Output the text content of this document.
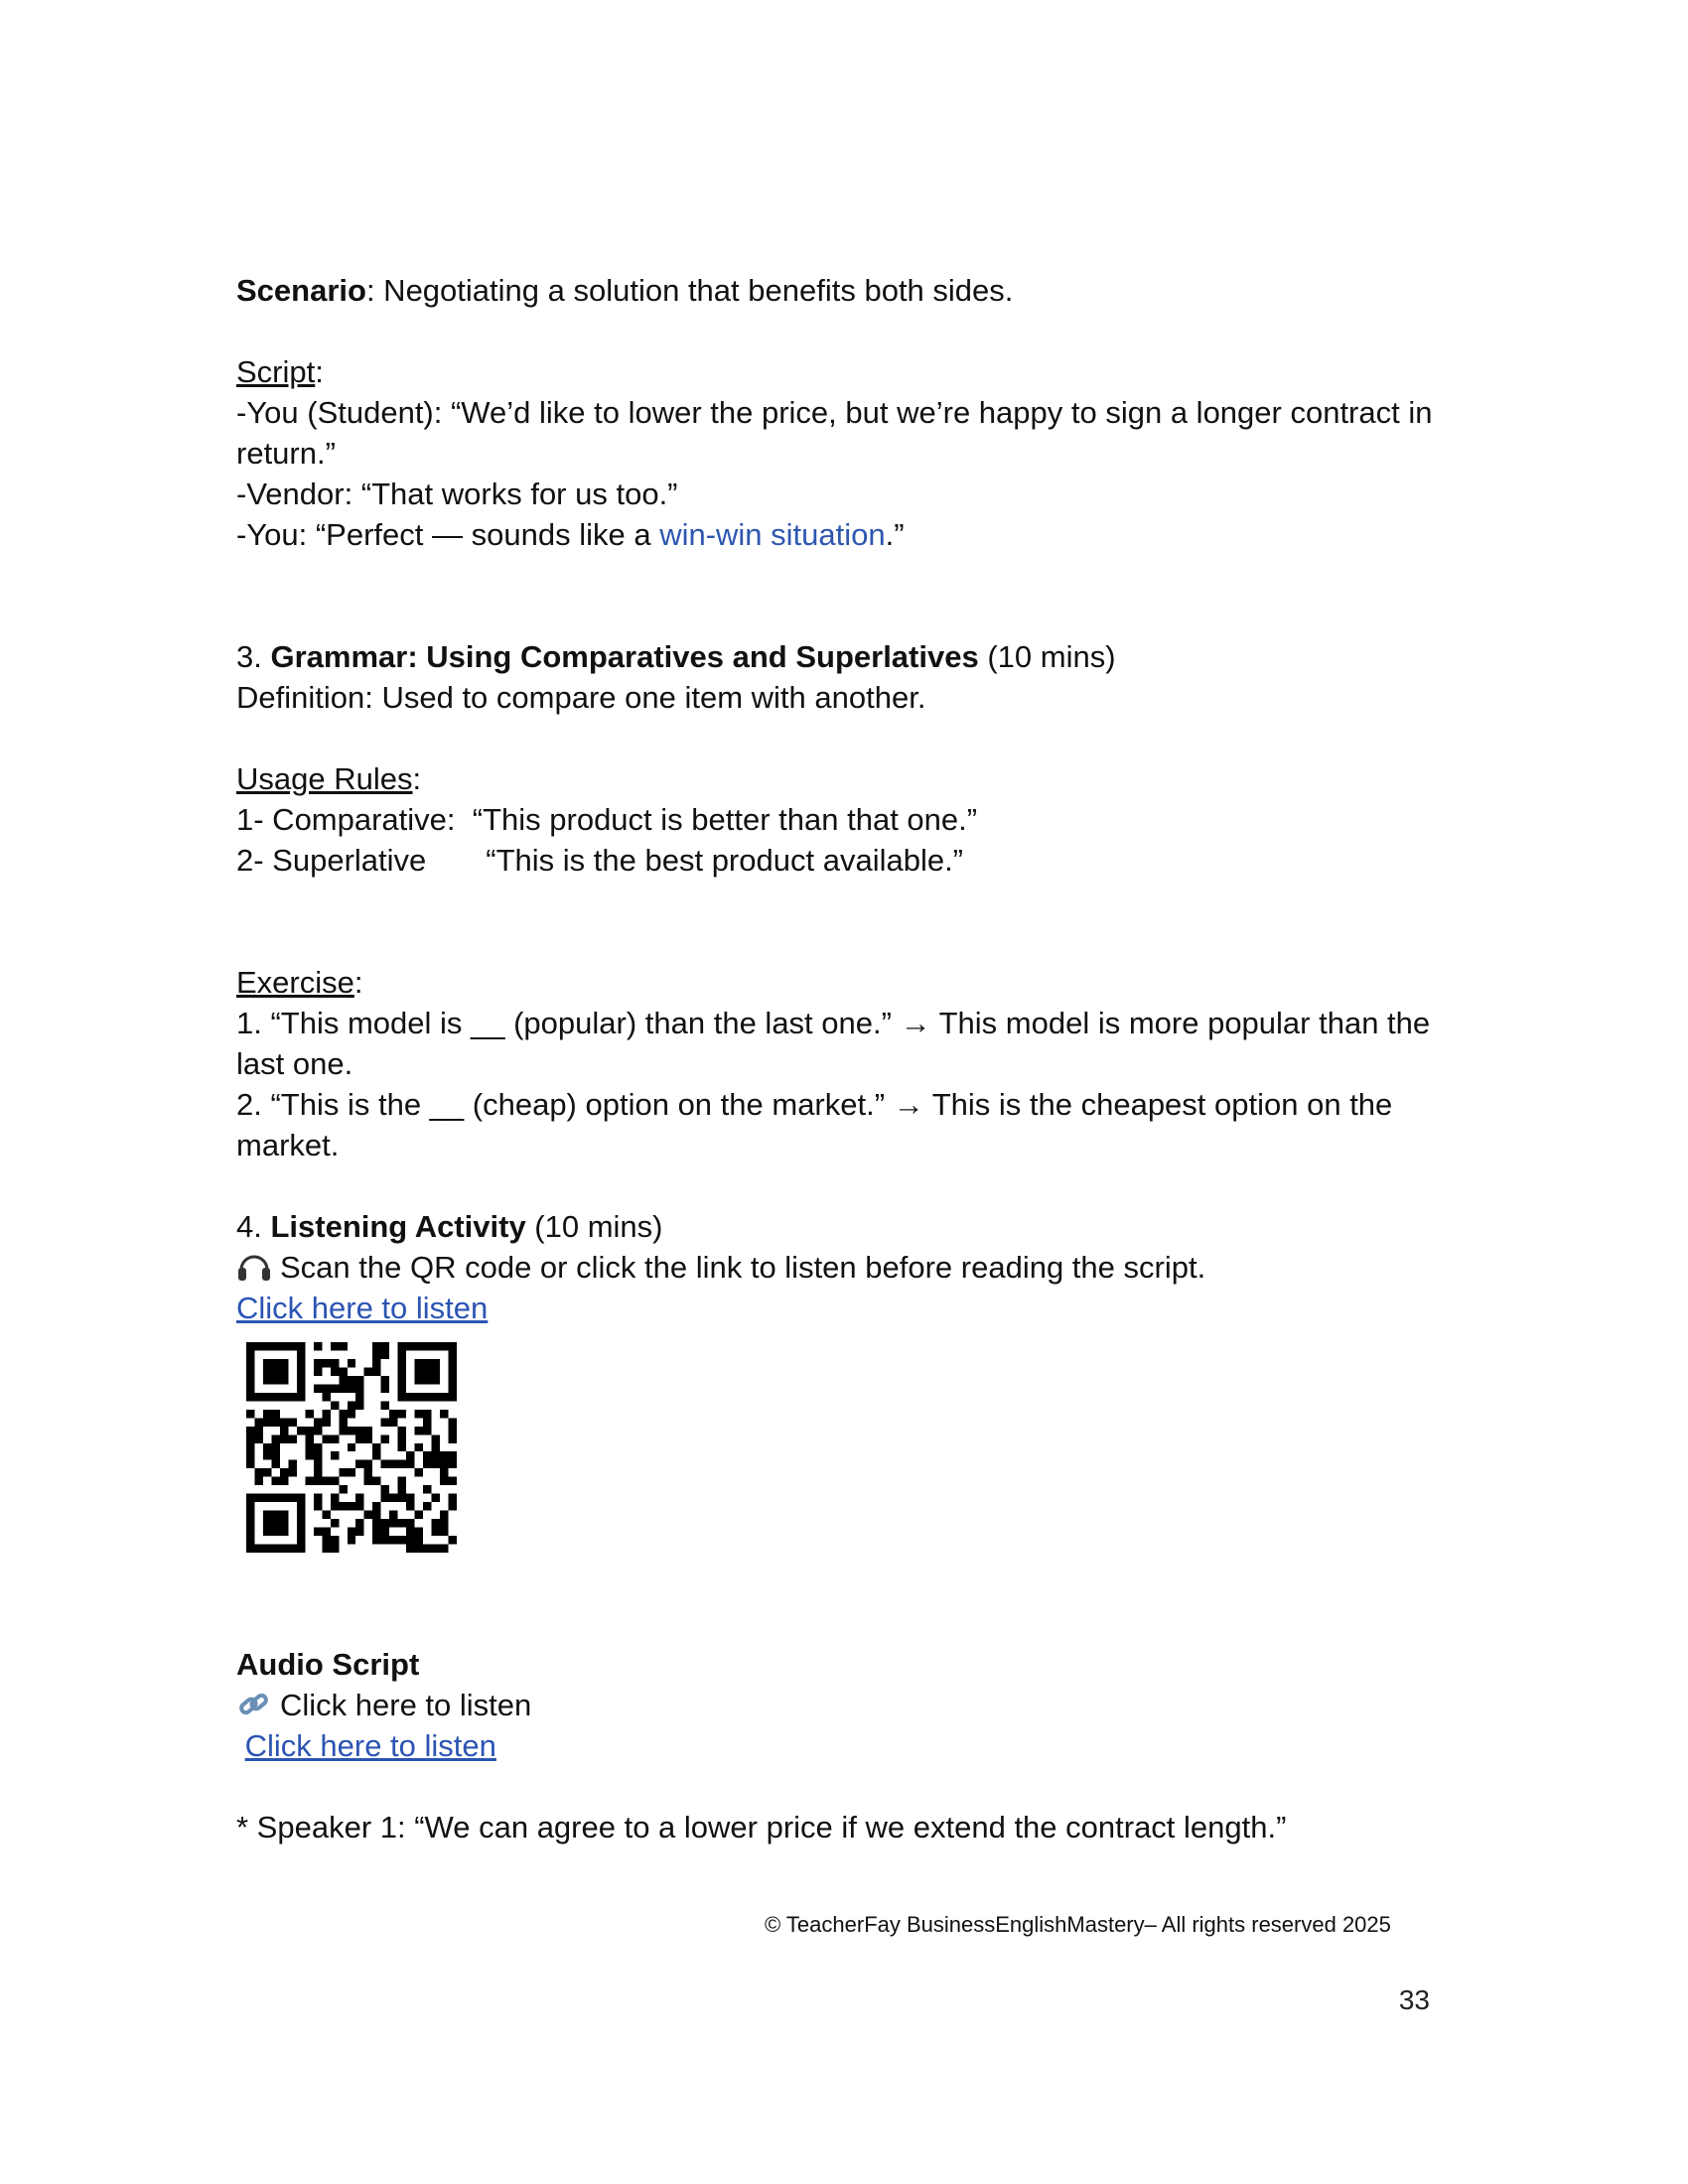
Scenario: Negotiating a solution that benefits both sides.
Script:
-You (Student): “We’d like to lower the price, but we’re happy to sign a longer contract in return.”
-Vendor: “That works for us too.”
-You: “Perfect — sounds like a win-win situation.”
3. Grammar: Using Comparatives and Superlatives (10 mins)
Definition: Used to compare one item with another.
Usage Rules:
1- Comparative: “This product is better than that one.”
2- Superlative “This is the best product available.”
Exercise:
1. “This model is __ (popular) than the last one.” → This model is more popular than the last one.
2. “This is the __ (cheap) option on the market.” → This is the cheapest option on the market.
4. Listening Activity (10 mins)
Scan the QR code or click the link to listen before reading the script.
Click here to listen
Audio Script
Click here to listen
Click here to listen
* Speaker 1: “We can agree to a lower price if we extend the contract length.”
© TeacherFay BusinessEnglishMastery– All rights reserved 2025
33
